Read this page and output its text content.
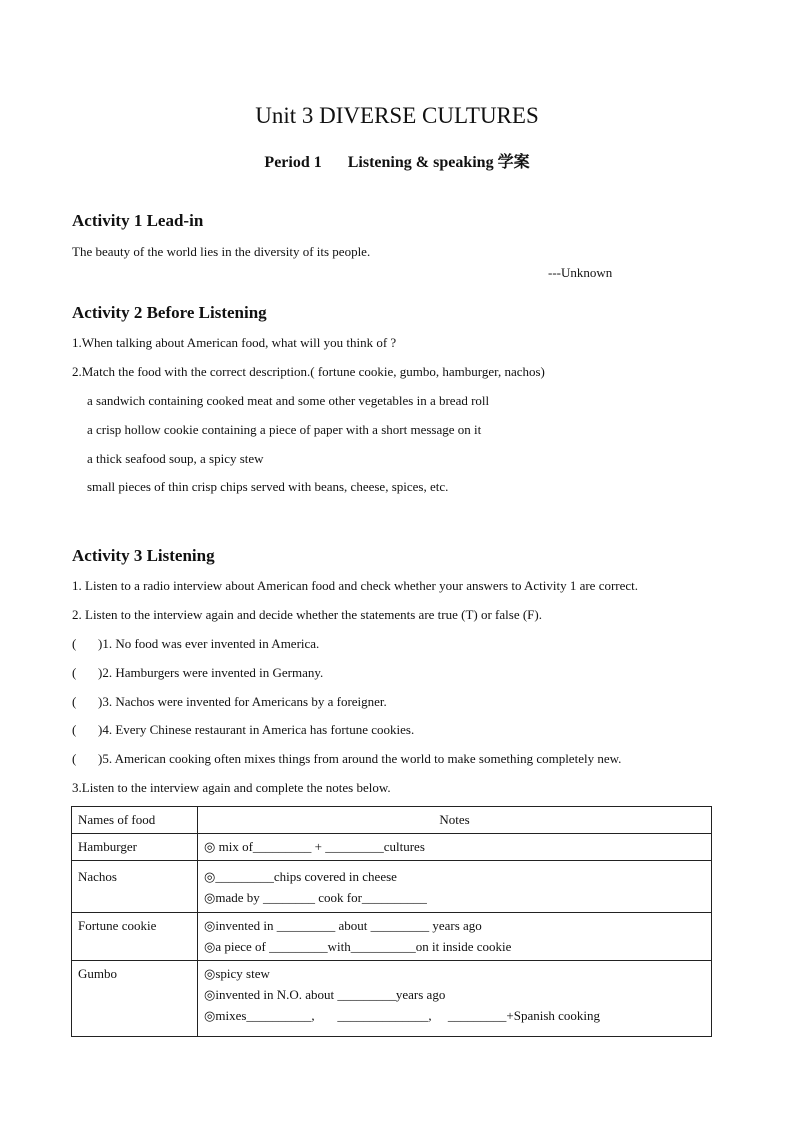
Unit 3 DIVERSE CULTURES
Period 1 Listening & speaking 学案
Activity 1 Lead-in
The beauty of the world lies in the diversity of its people.
---Unknown
Activity 2 Before Listening
1.When talking about American food, what will you think of ?
2.Match the food with the correct description.( fortune cookie, gumbo, hamburger, nachos)
a sandwich containing cooked meat and some other vegetables in a bread roll
a crisp hollow cookie containing a piece of paper with a short message on it
a thick seafood soup, a spicy stew
small pieces of thin crisp chips served with beans, cheese, spices, etc.
Activity 3 Listening
1. Listen to a radio interview about American food and check whether your answers to Activity 1 are correct.
2. Listen to the interview again and decide whether the statements are true (T) or false (F).
( )1. No food was ever invented in America.
( )2. Hamburgers were invented in Germany.
( )3. Nachos were invented for Americans by a foreigner.
( )4. Every Chinese restaurant in America has fortune cookies.
( )5. American cooking often mixes things from around the world to make something completely new.
3.Listen to the interview again and complete the notes below.
Names of food	Notes
Hamburger	◎ mix of_________ + _________cultures

Nachos	◎_________chips covered in cheese
◎made by ________ cook for__________

Fortune cookie	◎invented in _________ about _________ years ago
◎a piece of _________with__________on it inside cookie

Gumbo	◎spicy stew
◎invented in N.O. about _________years ago
◎mixes__________,       ______________,     _________+Spanish cooking
